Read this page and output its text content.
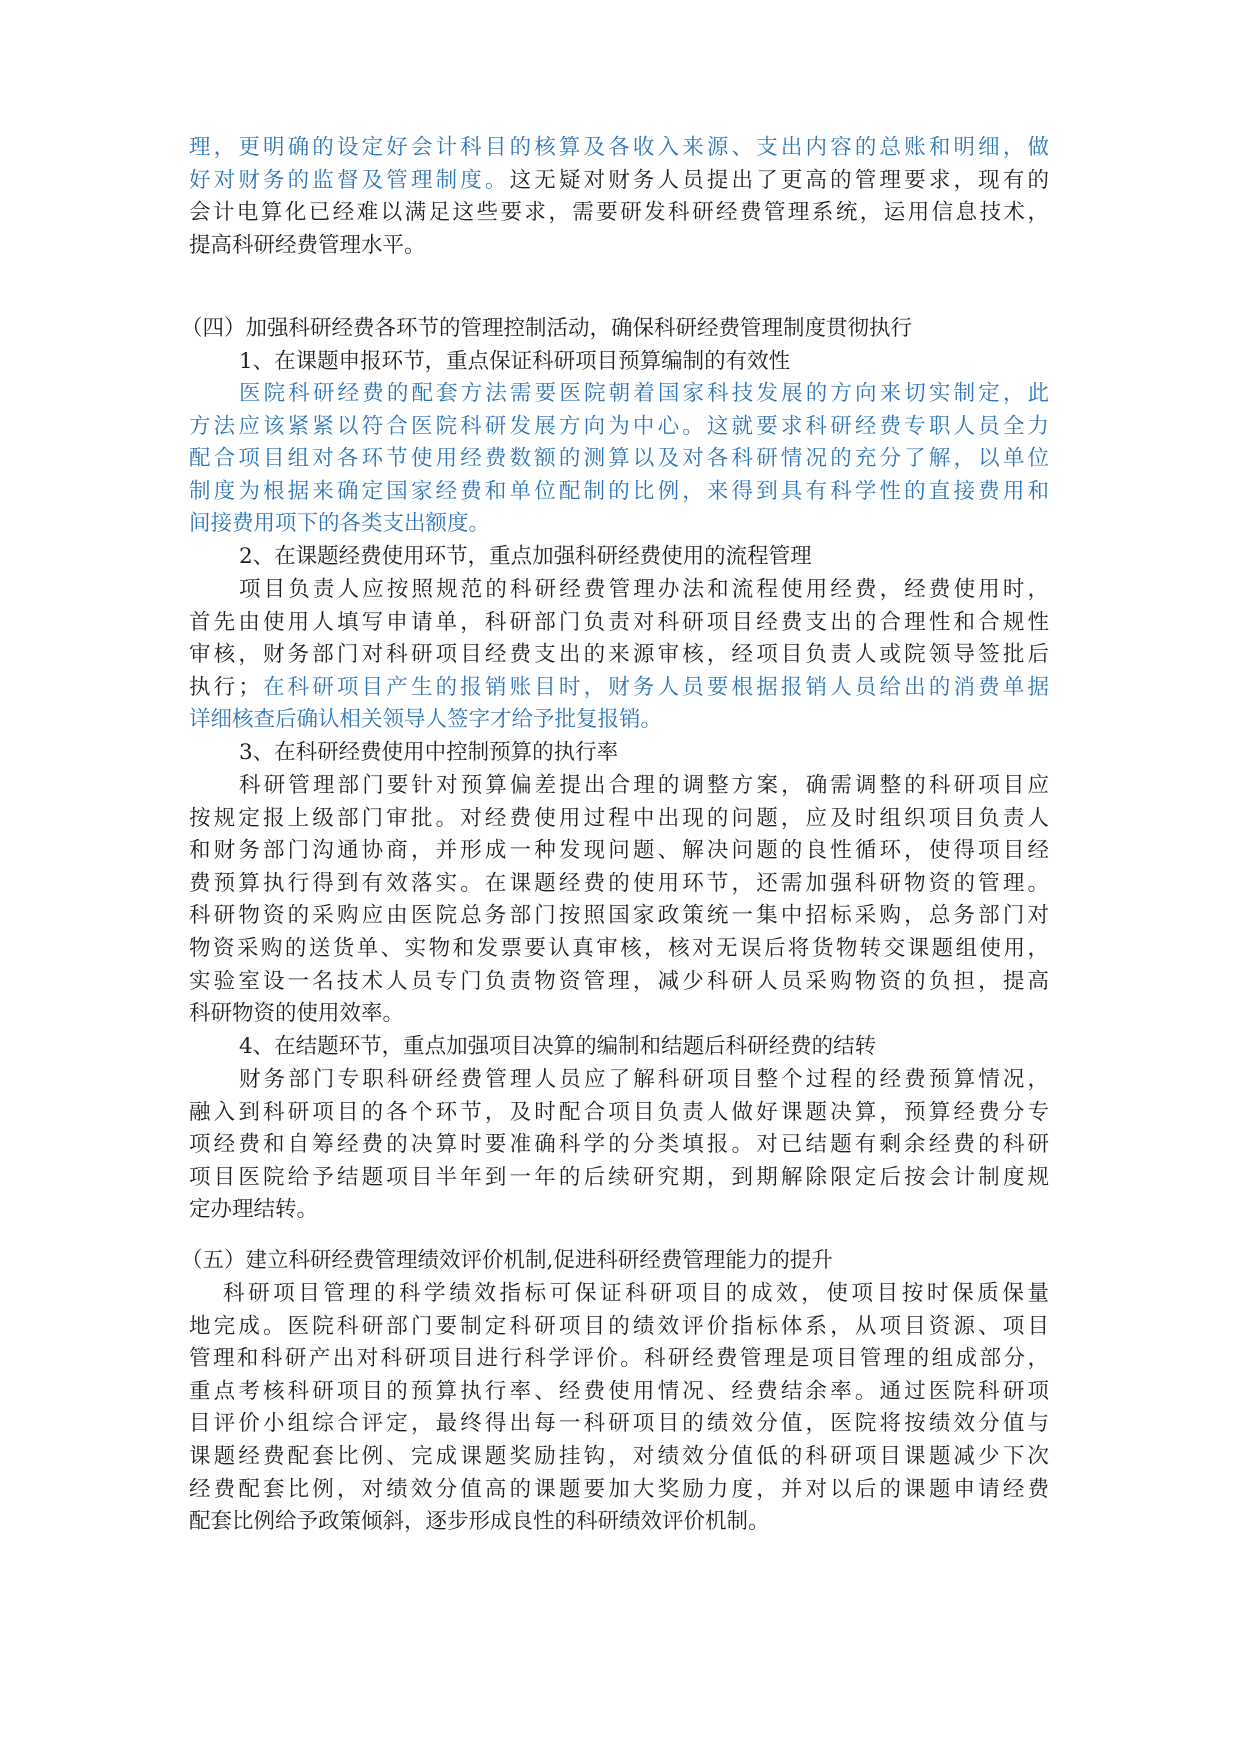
理，更明确的设定好会计科目的核算及各收入来源、支出内容的总账和明细，做
好对财务的监督及管理制度。这无疑对财务人员提出了更高的管理要求，现有的
会计电算化已经难以满足这些要求，需要研发科研经费管理系统，运用信息技术，
提高科研经费管理水平。
（四）加强科研经费各环节的管理控制活动，确保科研经费管理制度贯彻执行
1、在课题申报环节，重点保证科研项目预算编制的有效性
医院科研经费的配套方法需要医院朝着国家科技发展的方向来切实制定，此
方法应该紧紧以符合医院科研发展方向为中心。这就要求科研经费专职人员全力
配合项目组对各环节使用经费数额的测算以及对各科研情况的充分了解，以单位
制度为根据来确定国家经费和单位配制的比例，来得到具有科学性的直接费用和
间接费用项下的各类支出额度。
2、在课题经费使用环节，重点加强科研经费使用的流程管理
项目负责人应按照规范的科研经费管理办法和流程使用经费，经费使用时，
首先由使用人填写申请单，科研部门负责对科研项目经费支出的合理性和合规性
审核，财务部门对科研项目经费支出的来源审核，经项目负责人或院领导签批后
执行；在科研项目产生的报销账目时，财务人员要根据报销人员给出的消费单据
详细核查后确认相关领导人签字才给予批复报销。
3、在科研经费使用中控制预算的执行率
科研管理部门要针对预算偏差提出合理的调整方案，确需调整的科研项目应
按规定报上级部门审批。对经费使用过程中出现的问题，应及时组织项目负责人
和财务部门沟通协商，并形成一种发现问题、解决问题的良性循环，使得项目经
费预算执行得到有效落实。在课题经费的使用环节，还需加强科研物资的管理。
科研物资的采购应由医院总务部门按照国家政策统一集中招标采购，总务部门对
物资采购的送货单、实物和发票要认真审核，核对无误后将货物转交课题组使用，
实验室设一名技术人员专门负责物资管理，减少科研人员采购物资的负担，提高
科研物资的使用效率。
4、在结题环节，重点加强项目决算的编制和结题后科研经费的结转
财务部门专职科研经费管理人员应了解科研项目整个过程的经费预算情况，
融入到科研项目的各个环节，及时配合项目负责人做好课题决算，预算经费分专
项经费和自筹经费的决算时要准确科学的分类填报。对已结题有剩余经费的科研
项目医院给予结题项目半年到一年的后续研究期，到期解除限定后按会计制度规
定办理结转。
（五）建立科研经费管理绩效评价机制,促进科研经费管理能力的提升
科研项目管理的科学绩效指标可保证科研项目的成效，使项目按时保质保量
地完成。医院科研部门要制定科研项目的绩效评价指标体系，从项目资源、项目
管理和科研产出对科研项目进行科学评价。科研经费管理是项目管理的组成部分，
重点考核科研项目的预算执行率、经费使用情况、经费结余率。通过医院科研项
目评价小组综合评定，最终得出每一科研项目的绩效分值，医院将按绩效分值与
课题经费配套比例、完成课题奖励挂钩，对绩效分值低的科研项目课题减少下次
经费配套比例，对绩效分值高的课题要加大奖励力度，并对以后的课题申请经费
配套比例给予政策倾斜，逐步形成良性的科研绩效评价机制。
